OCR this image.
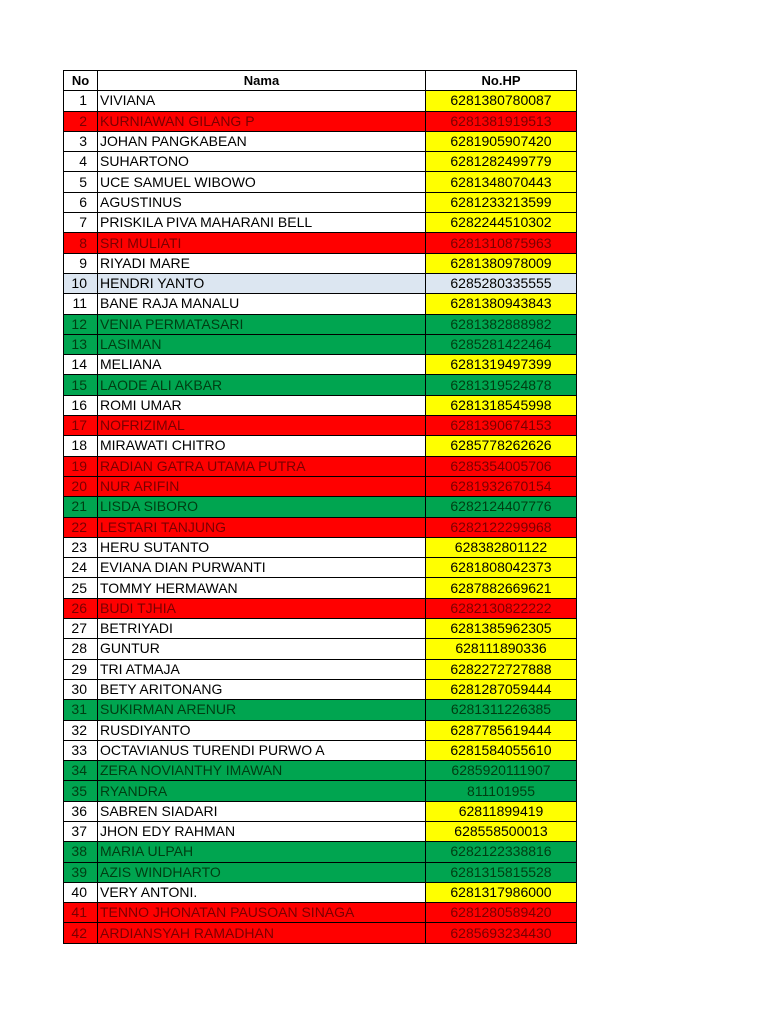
No	Nama	No.HP
1	VIVIANA	6281380780087
2	KURNIAWAN GILANG P	6281381919513
3	JOHAN PANGKABEAN	6281905907420
4	SUHARTONO	6281282499779
5	UCE SAMUEL WIBOWO	6281348070443
6	AGUSTINUS	6281233213599
7	PRISKILA PIVA MAHARANI BELL	6282244510302
8	SRI MULIATI	6281310875963
9	RIYADI MARE	6281380978009
10	HENDRI YANTO	6285280335555
11	BANE RAJA MANALU	6281380943843
12	VENIA PERMATASARI	6281382888982
13	LASIMAN	6285281422464
14	MELIANA	6281319497399
15	LAODE ALI AKBAR	6281319524878
16	ROMI UMAR	6281318545998
17	NOFRIZIMAL	6281390674153
18	MIRAWATI CHITRO	6285778262626
19	RADIAN GATRA UTAMA PUTRA	6285354005706
20	NUR ARIFIN	6281932670154
21	LISDA SIBORO	6282124407776
22	LESTARI TANJUNG	6282122299968
23	HERU SUTANTO	628382801122
24	EVIANA DIAN PURWANTI	6281808042373
25	TOMMY HERMAWAN	6287882669621
26	BUDI TJHIA	6282130822222
27	BETRIYADI	6281385962305
28	GUNTUR	628111890336
29	TRI ATMAJA	6282272727888
30	BETY ARITONANG	6281287059444
31	SUKIRMAN ARENUR	6281311226385
32	RUSDIYANTO	6287785619444
33	OCTAVIANUS TURENDI PURWO A	6281584055610
34	ZERA NOVIANTHY IMAWAN	6285920111907
35	RYANDRA	811101955
36	SABREN SIADARI	62811899419
37	JHON EDY RAHMAN	628558500013
38	MARIA ULPAH	6282122338816
39	AZIS WINDHARTO	6281315815528
40	VERY ANTONI.	6281317986000
41	TENNO JHONATAN PAUSOAN SINAGA	6281280589420
42	ARDIANSYAH RAMADHAN	6285693234430
